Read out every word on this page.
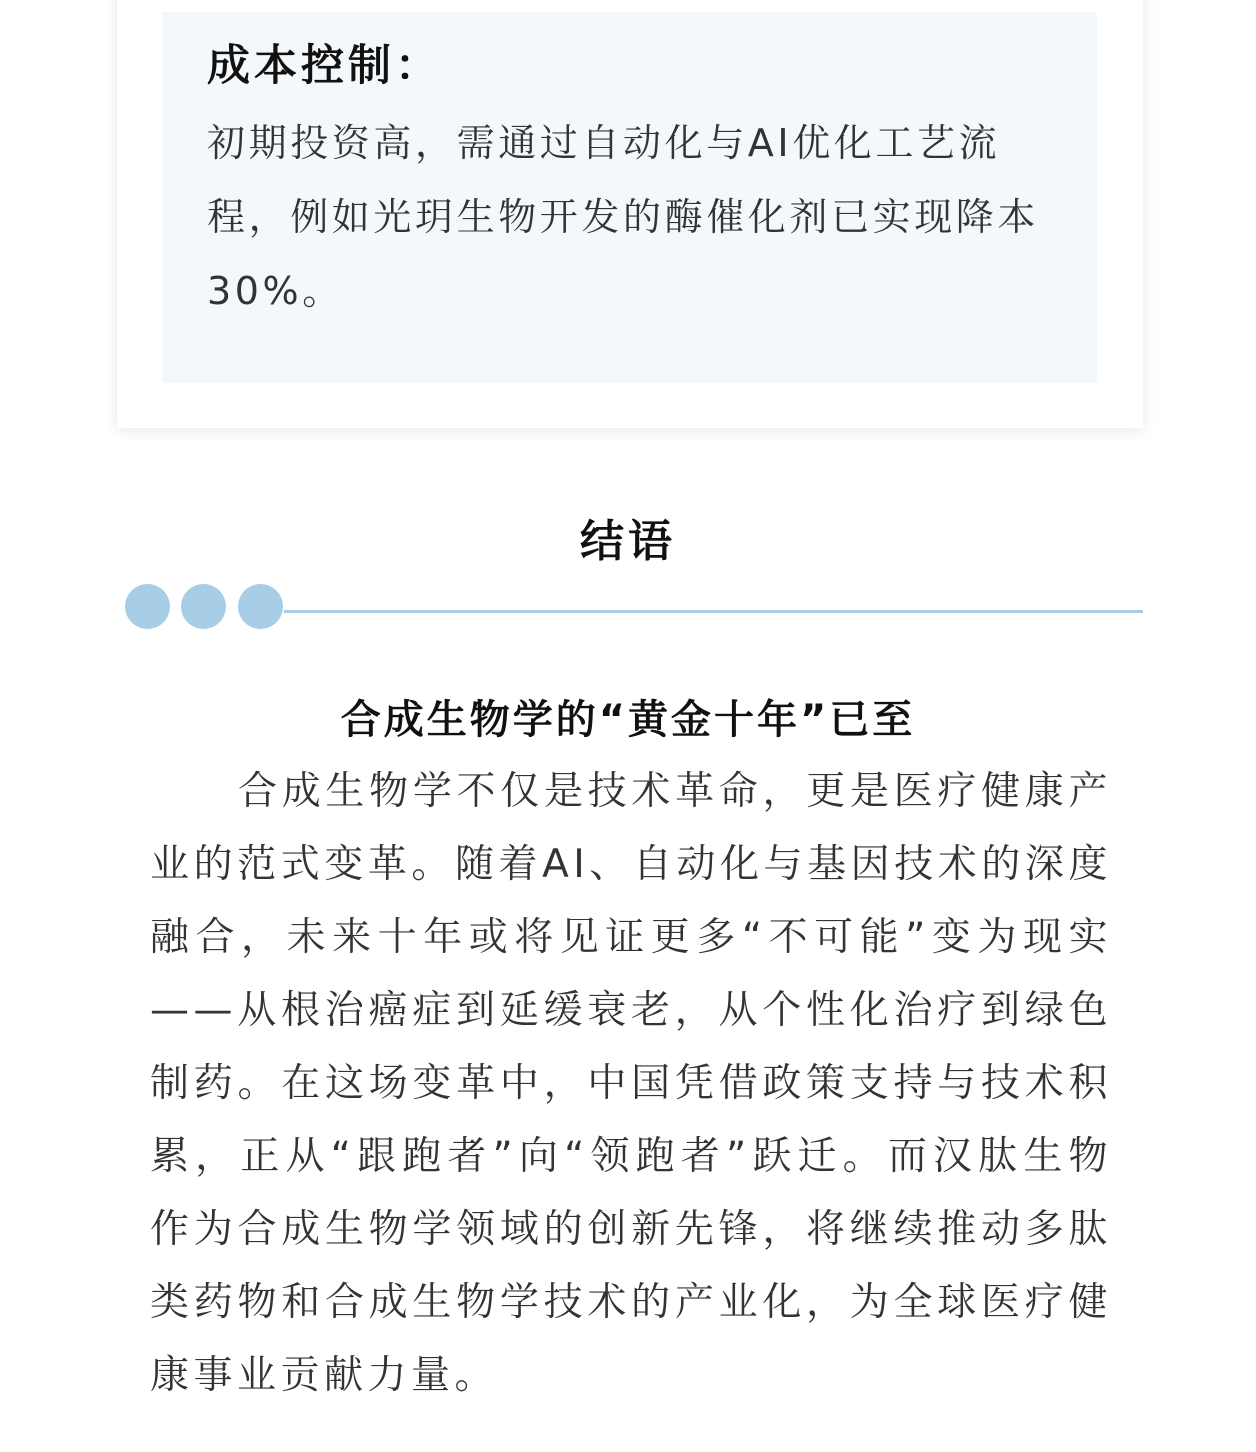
成本控制：

初期投资高，需通过自动化与AI优化工艺流程，例如光玥生物开发的酶催化剂已实现降本30%。

结语
合成生物学的“黄金十年”已至

合成生物学不仅是技术革命，更是医疗健康产业的范式变革。随着AI、自动化与基因技术的深度融合，未来十年或将见证更多“不可能”变为现实——从根治癌症到延缓衰老，从个性化治疗到绿色制药。在这场变革中，中国凭借政策支持与技术积累，正从“跟跑者”向“领跑者”跃迁。而汉肽生物作为合成生物学领域的创新先锋，将继续推动多肽类药物和合成生物学技术的产业化，为全球医疗健康事业贡献力量。
